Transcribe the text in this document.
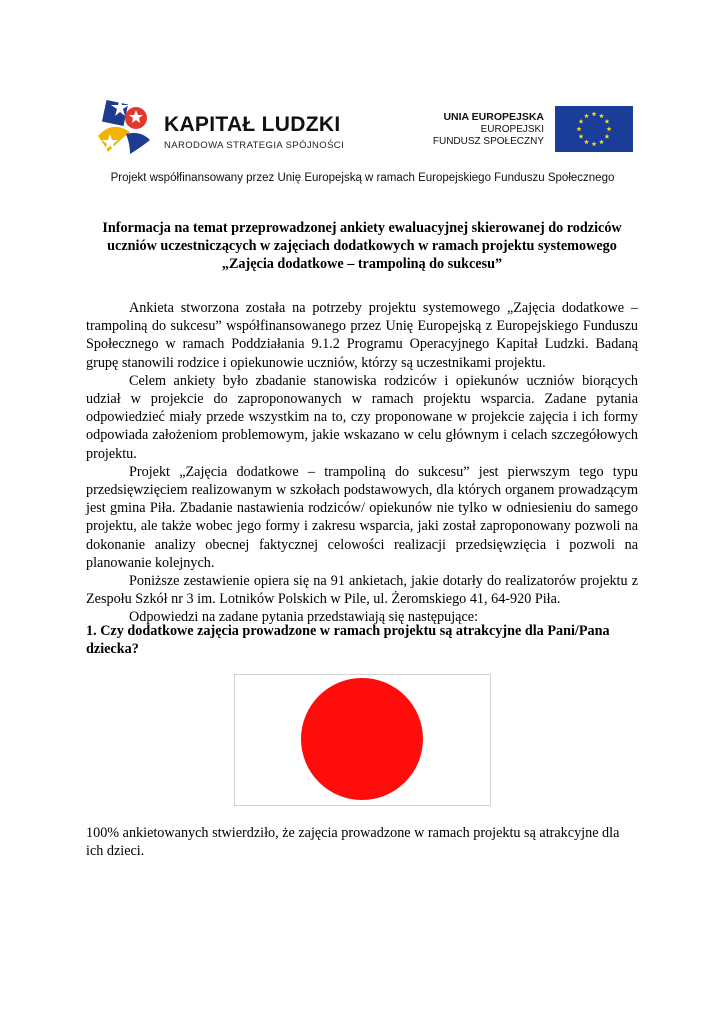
KAPITAŁ LUDZKI
NARODOWA STRATEGIA SPÓJNOŚCI
UNIA EUROPEJSKA
EUROPEJSKI
FUNDUSZ SPOŁECZNY
Projekt współfinansowany przez Unię Europejską w ramach Europejskiego Funduszu Społecznego
Informacja na temat przeprowadzonej ankiety ewaluacyjnej skierowanej do rodziców uczniów uczestniczących w zajęciach dodatkowych w ramach projektu systemowego „Zajęcia dodatkowe – trampoliną do sukcesu”

Ankieta stworzona została na potrzeby projektu systemowego „Zajęcia dodatkowe – trampoliną do sukcesu” współfinansowanego przez Unię Europejską z Europejskiego Funduszu Społecznego w ramach Poddziałania 9.1.2 Programu Operacyjnego Kapitał Ludzki. Badaną grupę stanowili rodzice i opiekunowie uczniów, którzy są uczestnikami projektu.

Celem ankiety było zbadanie stanowiska rodziców i opiekunów uczniów biorących udział w projekcie do zaproponowanych w ramach projektu wsparcia. Zadane pytania odpowiedzieć miały przede wszystkim na to, czy proponowane w projekcie zajęcia i ich formy odpowiada założeniom problemowym, jakie wskazano w celu głównym i celach szczegółowych projektu.

Projekt „Zajęcia dodatkowe – trampoliną do sukcesu” jest pierwszym tego typu przedsięwzięciem realizowanym w szkołach podstawowych, dla których organem prowadzącym jest gmina Piła. Zbadanie nastawienia rodziców/ opiekunów nie tylko w odniesieniu do samego projektu, ale także wobec jego formy i zakresu wsparcia, jaki został zaproponowany pozwoli na dokonanie analizy obecnej faktycznej celowości realizacji przedsięwzięcia i pozwoli na planowanie kolejnych.

Poniższe zestawienie opiera się na 91 ankietach, jakie dotarły do realizatorów projektu z Zespołu Szkół nr 3 im. Lotników Polskich w Pile, ul. Żeromskiego 41, 64-920 Piła.

Odpowiedzi na zadane pytania przedstawiają się następujące:

1. Czy dodatkowe zajęcia prowadzone w ramach projektu są atrakcyjne dla Pani/Pana dziecka?
100% ankietowanych stwierdziło, że zajęcia prowadzone w ramach projektu są atrakcyjne dla ich dzieci.
